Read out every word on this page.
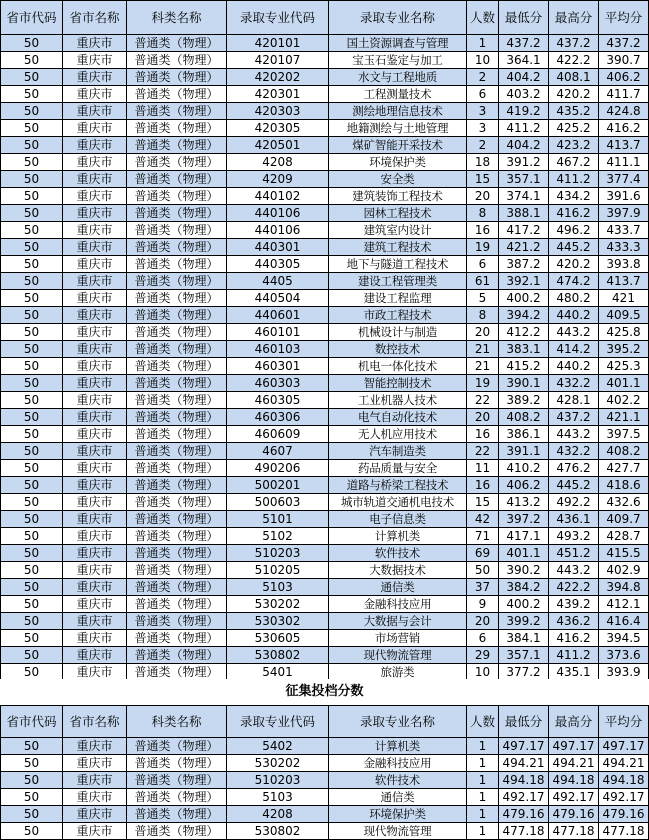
省市代码	省市名称	科类名称	录取专业代码	录取专业名称	人数	最低分	最高分	平均分
50	重庆市	普通类（物理）	420101	国土资源调查与管理	1	437.2	437.2	437.2
50	重庆市	普通类（物理）	420107	宝玉石鉴定与加工	10	364.1	422.2	390.7
50	重庆市	普通类（物理）	420202	水文与工程地质	2	404.2	408.1	406.2
50	重庆市	普通类（物理）	420301	工程测量技术	6	403.2	420.2	411.7
50	重庆市	普通类（物理）	420303	测绘地理信息技术	3	419.2	435.2	424.8
50	重庆市	普通类（物理）	420305	地籍测绘与土地管理	3	411.2	425.2	416.2
50	重庆市	普通类（物理）	420501	煤矿智能开采技术	2	404.2	423.2	413.7
50	重庆市	普通类（物理）	4208	环境保护类	18	391.2	467.2	411.1
50	重庆市	普通类（物理）	4209	安全类	15	357.1	411.2	377.4
50	重庆市	普通类（物理）	440102	建筑装饰工程技术	20	374.1	434.2	391.6
50	重庆市	普通类（物理）	440106	园林工程技术	8	388.1	416.2	397.9
50	重庆市	普通类（物理）	440106	建筑室内设计	16	417.2	496.2	433.7
50	重庆市	普通类（物理）	440301	建筑工程技术	19	421.2	445.2	433.3
50	重庆市	普通类（物理）	440305	地下与隧道工程技术	6	387.2	420.2	393.8
50	重庆市	普通类（物理）	4405	建设工程管理类	61	392.1	474.2	413.7
50	重庆市	普通类（物理）	440504	建设工程监理	5	400.2	480.2	421
50	重庆市	普通类（物理）	440601	市政工程技术	8	394.2	440.2	409.5
50	重庆市	普通类（物理）	460101	机械设计与制造	20	412.2	443.2	425.8
50	重庆市	普通类（物理）	460103	数控技术	21	383.1	414.2	395.2
50	重庆市	普通类（物理）	460301	机电一体化技术	21	415.2	440.2	425.3
50	重庆市	普通类（物理）	460303	智能控制技术	19	390.1	432.2	401.1
50	重庆市	普通类（物理）	460305	工业机器人技术	22	389.2	428.1	402.2
50	重庆市	普通类（物理）	460306	电气自动化技术	20	408.2	437.2	421.1
50	重庆市	普通类（物理）	460609	无人机应用技术	16	386.1	443.2	397.5
50	重庆市	普通类（物理）	4607	汽车制造类	22	391.1	432.2	408.2
50	重庆市	普通类（物理）	490206	药品质量与安全	11	410.2	476.2	427.7
50	重庆市	普通类（物理）	500201	道路与桥梁工程技术	16	406.2	445.2	418.6
50	重庆市	普通类（物理）	500603	城市轨道交通机电技术	15	413.2	492.2	432.6
50	重庆市	普通类（物理）	5101	电子信息类	42	397.2	436.1	409.7
50	重庆市	普通类（物理）	5102	计算机类	71	417.1	493.2	428.7
50	重庆市	普通类（物理）	510203	软件技术	69	401.1	451.2	415.5
50	重庆市	普通类（物理）	510205	大数据技术	50	390.2	443.2	402.9
50	重庆市	普通类（物理）	5103	通信类	37	384.2	422.2	394.8
50	重庆市	普通类（物理）	530202	金融科技应用	9	400.2	439.2	412.1
50	重庆市	普通类（物理）	530302	大数据与会计	20	399.2	436.2	416.4
50	重庆市	普通类（物理）	530605	市场营销	6	384.1	416.2	394.5
50	重庆市	普通类（物理）	530802	现代物流管理	29	357.1	411.2	373.6
50	重庆市	普通类（物理）	5401	旅游类	10	377.2	435.1	393.9
征集投档分数
省市代码	省市名称	科类名称	录取专业代码	录取专业名称	人数	最低分	最高分	平均分
50	重庆市	普通类（物理）	5402	计算机类	1	497.17	497.17	497.17
50	重庆市	普通类（物理）	530202	金融科技应用	1	494.21	494.21	494.21
50	重庆市	普通类（物理）	510203	软件技术	1	494.18	494.18	494.18
50	重庆市	普通类（物理）	5103	通信类	1	492.17	492.17	492.17
50	重庆市	普通类（物理）	4208	环境保护类	1	479.16	479.16	479.16
50	重庆市	普通类（物理）	530802	现代物流管理	1	477.18	477.18	477.18
